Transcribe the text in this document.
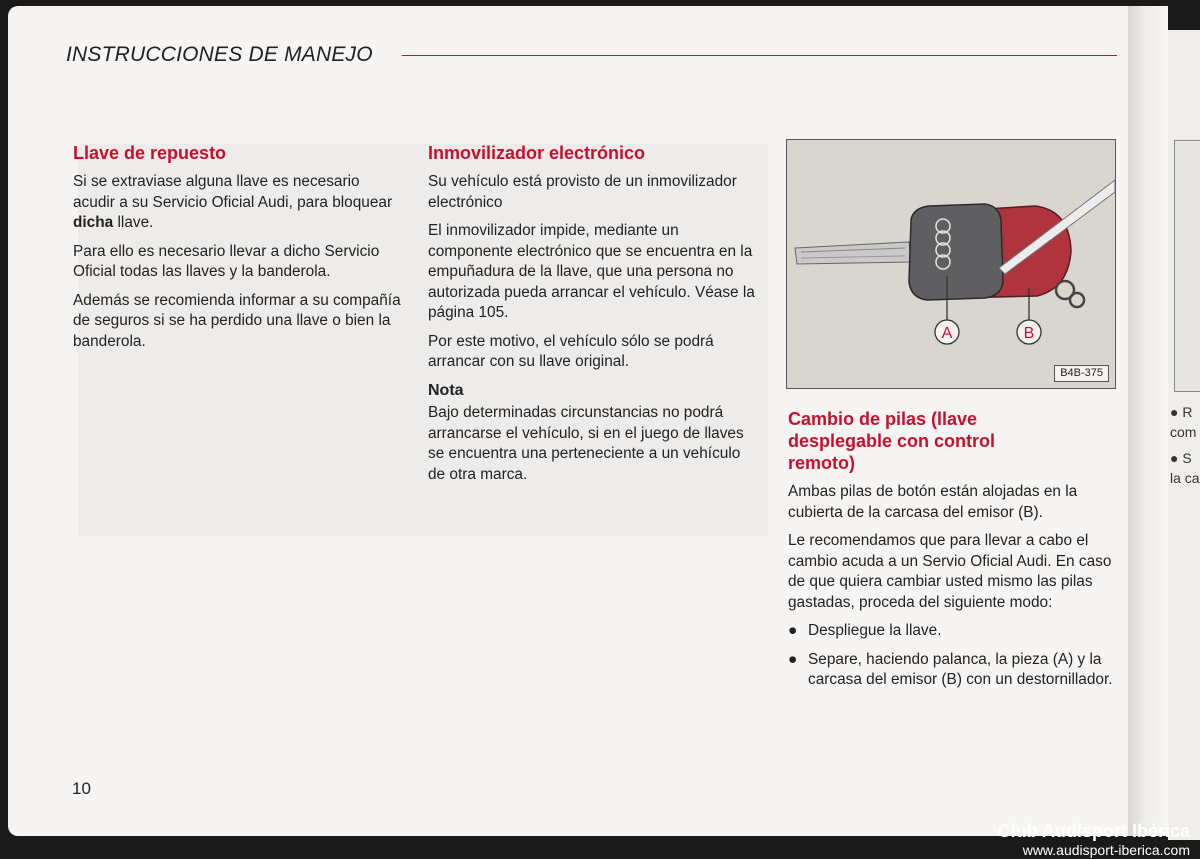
● R
com
● S
la ca
INSTRUCCIONES DE MANEJO
Llave de repuesto

Si se extraviase alguna llave es necesario acudir a su Servicio Oficial Audi, para bloquear dicha llave.

Para ello es necesario llevar a dicho Servicio Oficial todas las llaves y la banderola.

Además se recomienda informar a su compañía de seguros si se ha perdido una llave o bien la banderola.

Inmovilizador electrónico

Su vehículo está provisto de un inmovilizador electrónico

El inmovilizador impide, mediante un componente electrónico que se encuentra en la empuñadura de la llave, que una persona no autorizada pueda arrancar el vehículo. Véase la página 105.

Por este motivo, el vehículo sólo se podrá arrancar con su llave original.

Nota

Bajo determinadas circunstancias no podrá arrancarse el vehículo, si en el juego de llaves se encuentra una perteneciente a un vehículo de otra marca.

A	B
B4B-375
Cambio de pilas (llave desplegable con control remoto)

Ambas pilas de botón están alojadas en la cubierta de la carcasa del emisor (B).

Le recomendamos que para llevar a cabo el cambio acuda a un Servio Oficial Audi. En caso de que quiera cambiar usted mismo las pilas gastadas, proceda del siguiente modo:

● Despliegue la llave.
● Separe, haciendo palanca, la pieza (A) y la carcasa del emisor (B) con un destornillador.
10
Club Audisport Ibérica
www.audisport-iberica.com
